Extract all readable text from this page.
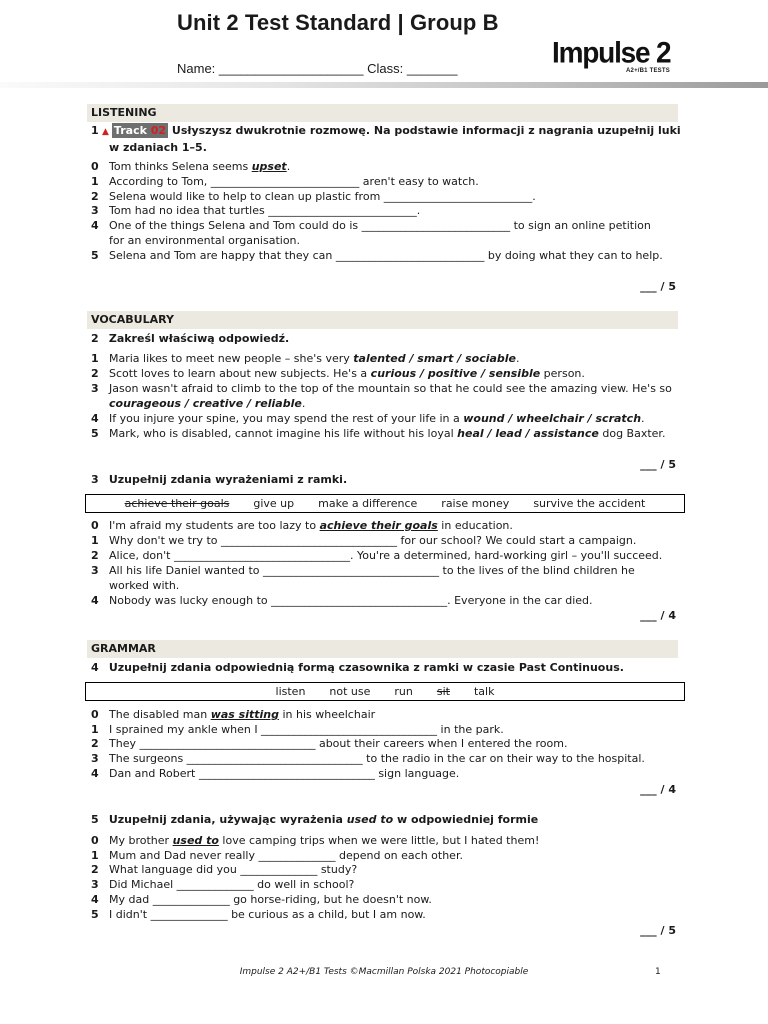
Unit 2 Test Standard | Group B
Name: ____________________ Class: _______	Impulse 2
A2+/B1 TESTS
LISTENING
1 ▲ Track 02 Usłyszysz dwukrotnie rozmowę. Na podstawie informacji z nagrania uzupełnij luki
w zdaniach 1–5.
0 Tom thinks Selena seems upset.
1 According to Tom, ___________________________ aren't easy to watch.
2 Selena would like to help to clean up plastic from ___________________________.
3 Tom had no idea that turtles ___________________________.
4 One of the things Selena and Tom could do is ___________________________ to sign an online petition
for an environmental organisation.
5 Selena and Tom are happy that they can ___________________________ by doing what they can to help.
___ / 5
VOCABULARY
2 Zakreśl właściwą odpowiedź.
1 Maria likes to meet new people – she's very talented / smart / sociable.
2 Scott loves to learn about new subjects. He's a curious / positive / sensible person.
3 Jason wasn't afraid to climb to the top of the mountain so that he could see the amazing view. He's so
courageous / creative / reliable.
4 If you injure your spine, you may spend the rest of your life in a wound / wheelchair / scratch.
5 Mark, who is disabled, cannot imagine his life without his loyal heal / lead / assistance dog Baxter.
___ / 5
3 Uzupełnij zdania wyrażeniami z ramki.
achieve their goals give up make a difference raise money survive the accident
0 I'm afraid my students are too lazy to achieve their goals in education.
1 Why don't we try to ________________________________ for our school? We could start a campaign.
2 Alice, don't ________________________________. You're a determined, hard-working girl – you'll succeed.
3 All his life Daniel wanted to ________________________________ to the lives of the blind children he
worked with.
4 Nobody was lucky enough to ________________________________. Everyone in the car died.
___ / 4
GRAMMAR
4 Uzupełnij zdania odpowiednią formą czasownika z ramki w czasie Past Continuous.
listen not use run sit talk
0 The disabled man was sitting in his wheelchair
1 I sprained my ankle when I ________________________________ in the park.
2 They ________________________________ about their careers when I entered the room.
3 The surgeons ________________________________ to the radio in the car on their way to the hospital.
4 Dan and Robert ________________________________ sign language.
___ / 4
5 Uzupełnij zdania, używając wyrażenia used to w odpowiedniej formie
0 My brother used to love camping trips when we were little, but I hated them!
1 Mum and Dad never really ______________ depend on each other.
2 What language did you ______________ study?
3 Did Michael ______________ do well in school?
4 My dad ______________ go horse-riding, but he doesn't now.
5 I didn't ______________ be curious as a child, but I am now.
___ / 5
Impulse 2 A2+/B1 Tests ©Macmillan Polska 2021 Photocopiable	1
